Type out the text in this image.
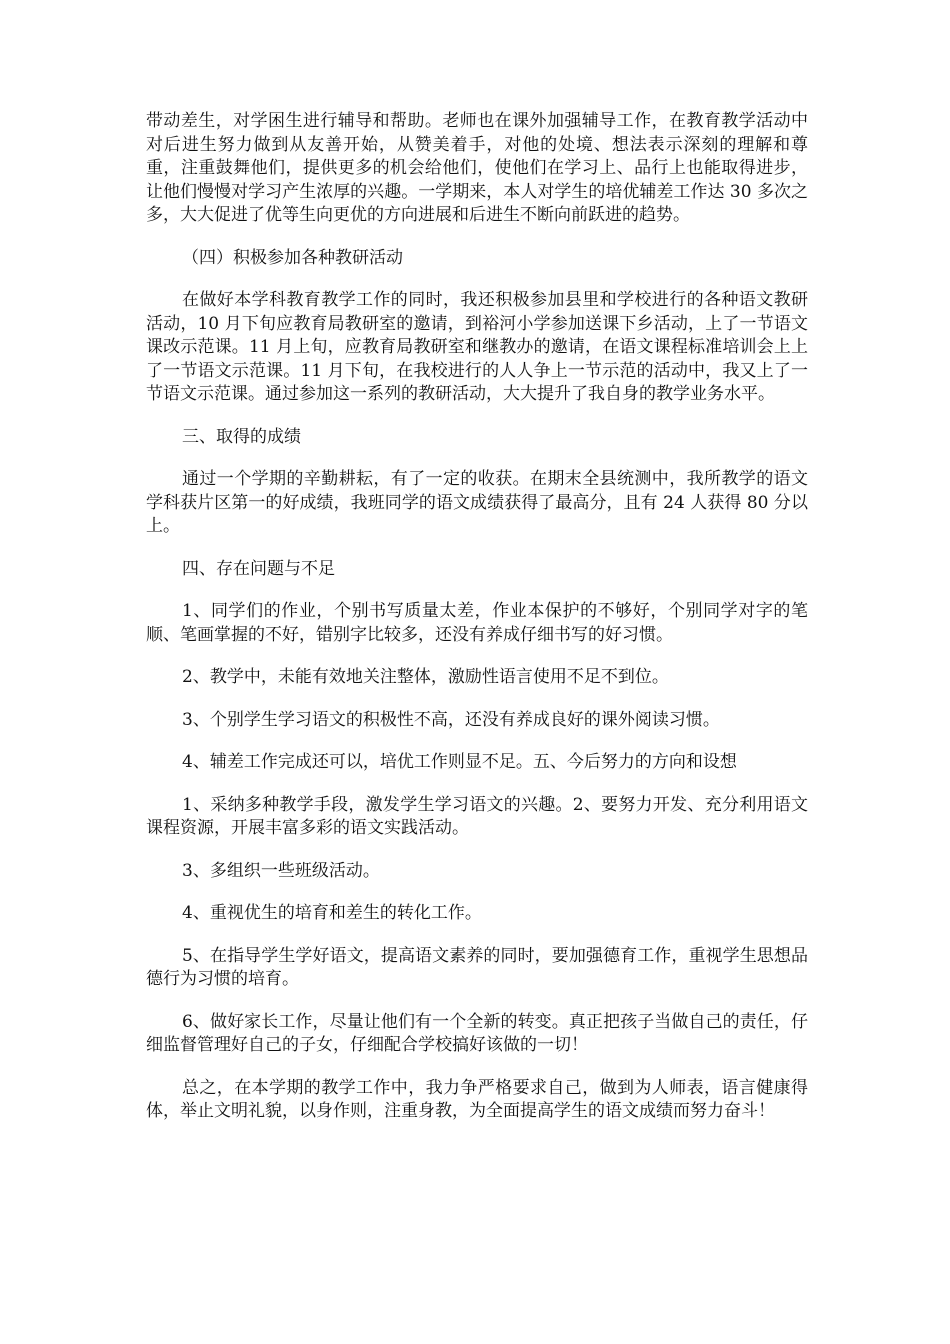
带动差生，对学困生进行辅导和帮助。老师也在课外加强辅导工作，在教育教学活动中对后进生努力做到从友善开始，从赞美着手，对他的处境、想法表示深刻的理解和尊重，注重鼓舞他们，提供更多的机会给他们，使他们在学习上、品行上也能取得进步，让他们慢慢对学习产生浓厚的兴趣。一学期来，本人对学生的培优辅差工作达 30 多次之多，大大促进了优等生向更优的方向进展和后进生不断向前跃进的趋势。

（四）积极参加各种教研活动

在做好本学科教育教学工作的同时，我还积极参加县里和学校进行的各种语文教研活动，10 月下旬应教育局教研室的邀请，到裕河小学参加送课下乡活动，上了一节语文课改示范课。11 月上旬，应教育局教研室和继教办的邀请，在语文课程标准培训会上上了一节语文示范课。11 月下旬，在我校进行的人人争上一节示范的活动中，我又上了一节语文示范课。通过参加这一系列的教研活动，大大提升了我自身的教学业务水平。

三、取得的成绩

通过一个学期的辛勤耕耘，有了一定的收获。在期末全县统测中，我所教学的语文学科获片区第一的好成绩，我班同学的语文成绩获得了最高分，且有 24 人获得 80 分以上。

四、存在问题与不足

1、同学们的作业，个别书写质量太差，作业本保护的不够好，个别同学对字的笔顺、笔画掌握的不好，错别字比较多，还没有养成仔细书写的好习惯。

2、教学中，未能有效地关注整体，激励性语言使用不足不到位。

3、个别学生学习语文的积极性不高，还没有养成良好的课外阅读习惯。

4、辅差工作完成还可以，培优工作则显不足。五、今后努力的方向和设想

1、采纳多种教学手段，激发学生学习语文的兴趣。2、要努力开发、充分利用语文课程资源，开展丰富多彩的语文实践活动。

3、多组织一些班级活动。

4、重视优生的培育和差生的转化工作。

5、在指导学生学好语文，提高语文素养的同时，要加强德育工作，重视学生思想品德行为习惯的培育。

6、做好家长工作，尽量让他们有一个全新的转变。真正把孩子当做自己的责任，仔细监督管理好自己的子女，仔细配合学校搞好该做的一切！

总之，在本学期的教学工作中，我力争严格要求自己，做到为人师表，语言健康得体，举止文明礼貌，以身作则，注重身教，为全面提高学生的语文成绩而努力奋斗！
